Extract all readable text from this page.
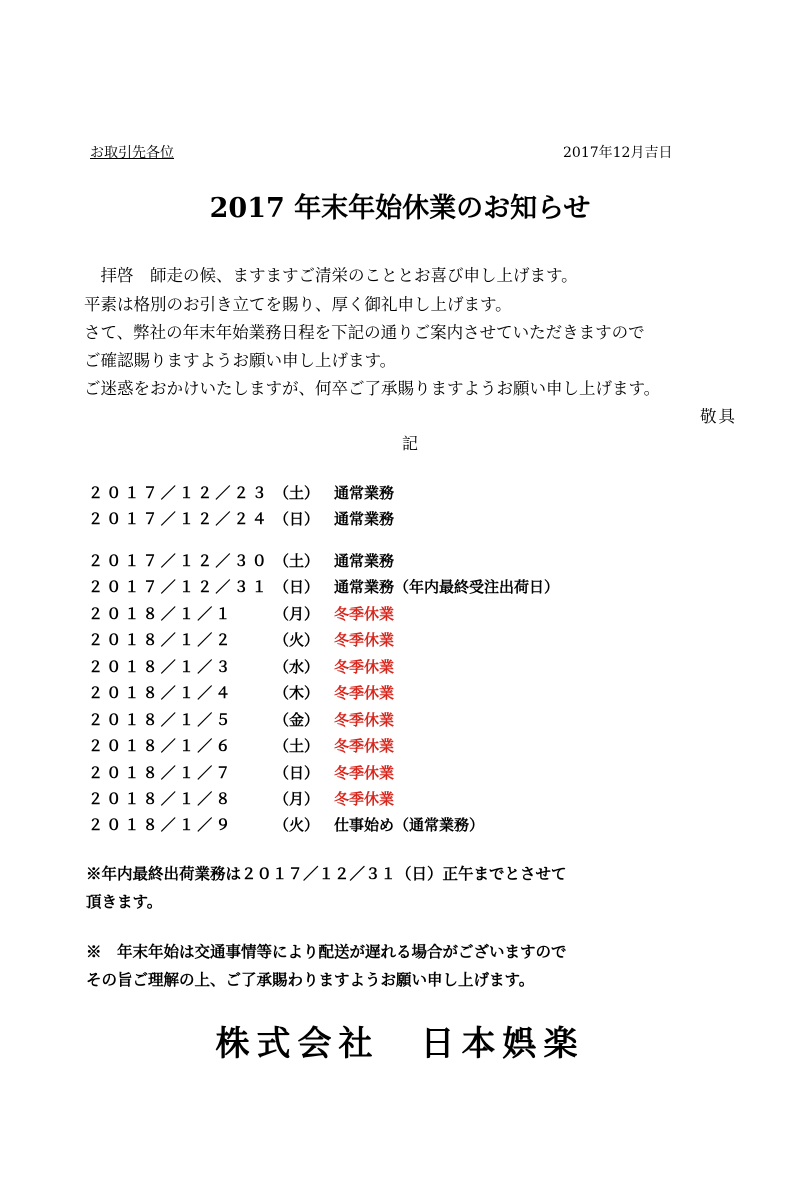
お取引先各位	2017年12月吉日
2017 年末年始休業のお知らせ
　拝啓　師走の候、ますますご清栄のこととお喜び申し上げます。
平素は格別のお引き立てを賜り、厚く御礼申し上げます。
さて、弊社の年末年始業務日程を下記の通りご案内させていただきますので
ご確認賜りますようお願い申し上げます。
ご迷惑をおかけいたしますが、何卒ご了承賜りますようお願い申し上げます。
敬具
記
２０１７／１２／２３ （土） 通常業務
２０１７／１２／２４ （日） 通常業務
２０１７／１２／３０ （土） 通常業務
２０１７／１２／３１ （日） 通常業務（年内最終受注出荷日）
２０１８／１／１	（月） 冬季休業
２０１８／１／２	（火） 冬季休業
２０１８／１／３	（水） 冬季休業
２０１８／１／４	（木） 冬季休業
２０１８／１／５	（金） 冬季休業
２０１８／１／６	（土） 冬季休業
２０１８／１／７	（日） 冬季休業
２０１８／１／８	（月） 冬季休業
２０１８／１／９	（火） 仕事始め（通常業務）
※年内最終出荷業務は２０１７／１２／３１（日）正午までとさせて
頂きます。
※　年末年始は交通事情等により配送が遅れる場合がございますので
その旨ご理解の上、ご了承賜わりますようお願い申し上げます。
株式会社　日本娯楽
